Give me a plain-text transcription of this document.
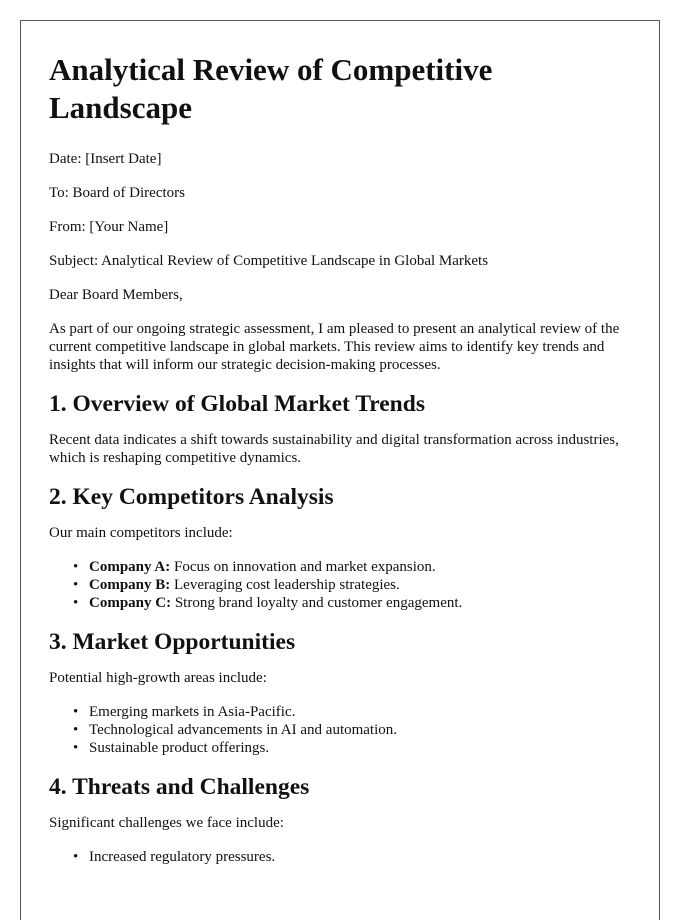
Analytical Review of Competitive Landscape

Date: [Insert Date]

To: Board of Directors

From: [Your Name]

Subject: Analytical Review of Competitive Landscape in Global Markets

Dear Board Members,

As part of our ongoing strategic assessment, I am pleased to present an analytical review of the current competitive landscape in global markets. This review aims to identify key trends and insights that will inform our strategic decision-making processes.

1. Overview of Global Market Trends

Recent data indicates a shift towards sustainability and digital transformation across industries, which is reshaping competitive dynamics.

2. Key Competitors Analysis

Our main competitors include:

• Company A: Focus on innovation and market expansion.
• Company B: Leveraging cost leadership strategies.
• Company C: Strong brand loyalty and customer engagement.
3. Market Opportunities

Potential high-growth areas include:

• Emerging markets in Asia-Pacific.
• Technological advancements in AI and automation.
• Sustainable product offerings.
4. Threats and Challenges

Significant challenges we face include:

• Increased regulatory pressures.
